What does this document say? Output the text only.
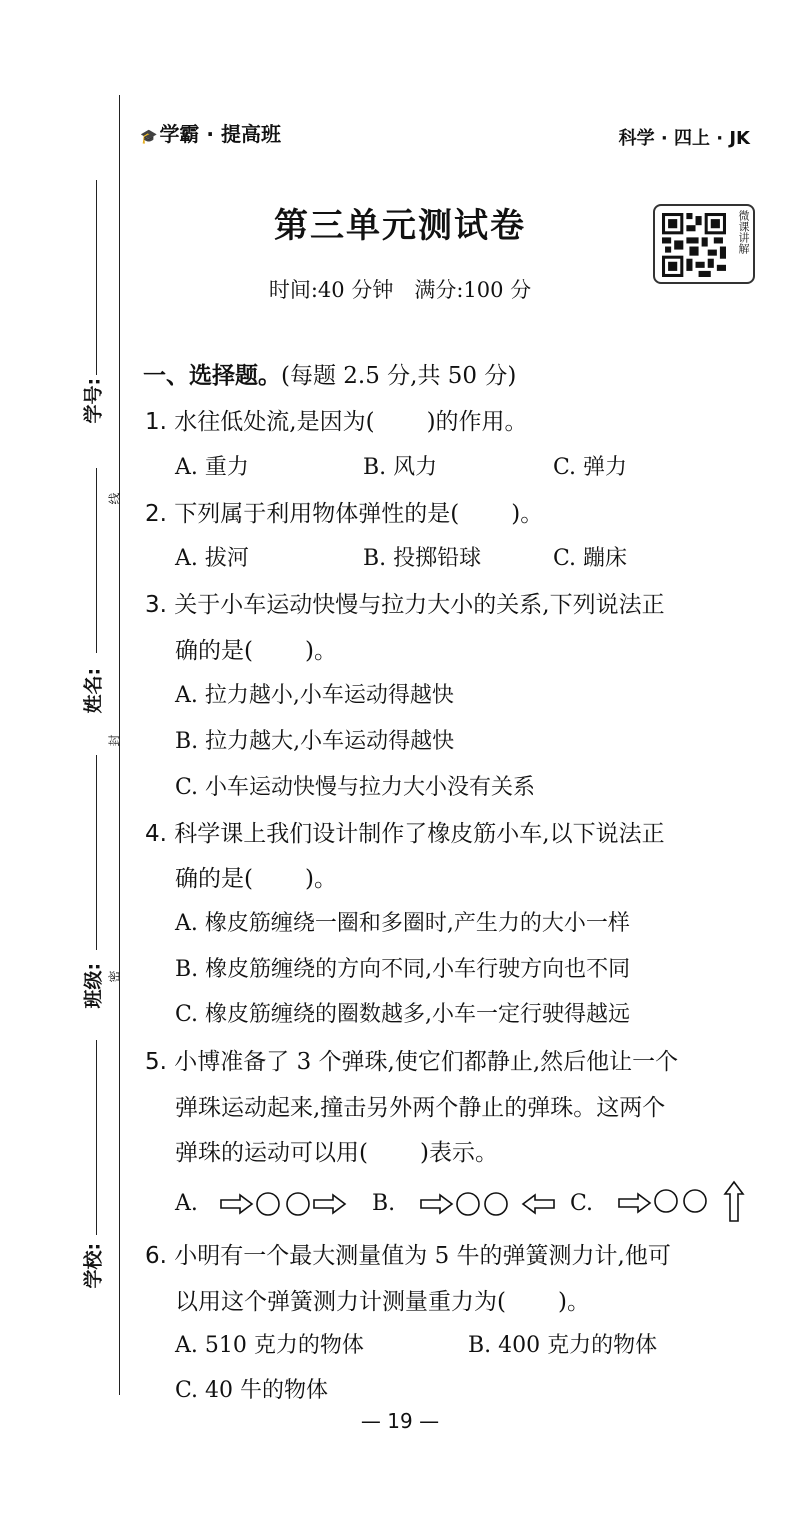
学号:
姓名:
班级:
学校:
线
封
密
🎓 学霸 · 提高班	科学 · 四上 · JK
第三单元测试卷
时间:40 分钟　满分:100 分
微课讲解
一、选择题。(每题 2.5 分,共 50 分)
1. 水往低处流,是因为( )的作用。
A. 重力	B. 风力	C. 弹力
2. 下列属于利用物体弹性的是( )。
A. 拔河	B. 投掷铅球	C. 蹦床
3. 关于小车运动快慢与拉力大小的关系,下列说法正
确的是( )。
A. 拉力越小,小车运动得越快
B. 拉力越大,小车运动得越快
C. 小车运动快慢与拉力大小没有关系
4. 科学课上我们设计制作了橡皮筋小车,以下说法正
确的是( )。
A. 橡皮筋缠绕一圈和多圈时,产生力的大小一样
B. 橡皮筋缠绕的方向不同,小车行驶方向也不同
C. 橡皮筋缠绕的圈数越多,小车一定行驶得越远
5. 小博准备了 3 个弹珠,使它们都静止,然后他让一个
弹珠运动起来,撞击另外两个静止的弹珠。这两个
弹珠的运动可以用( )表示。
A.	B.	C.
6. 小明有一个最大测量值为 5 牛的弹簧测力计,他可
以用这个弹簧测力计测量重力为( )。
A. 510 克力的物体	B. 400 克力的物体
C. 40 牛的物体
— 19 —
